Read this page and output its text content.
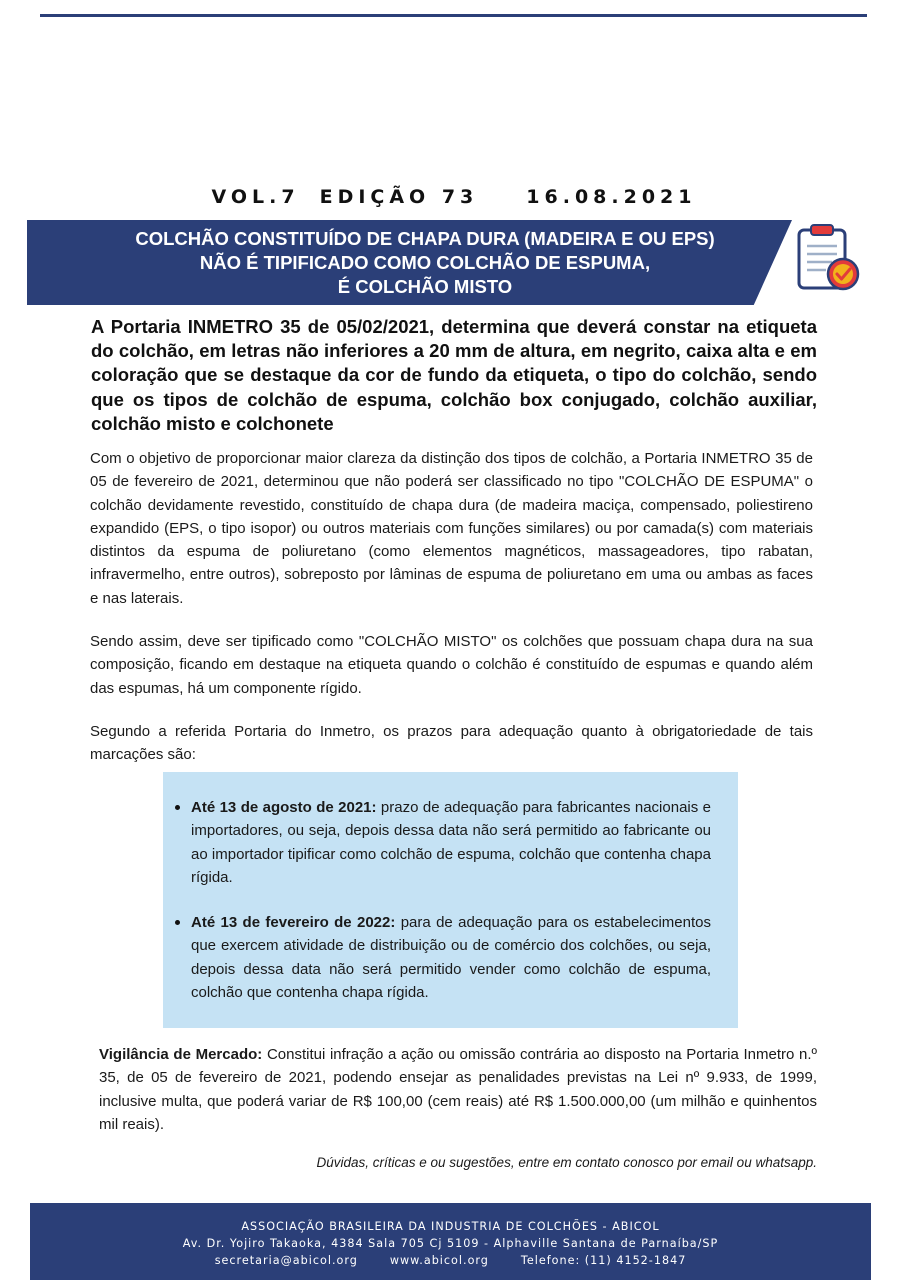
VOL.7 EDIÇÃO 73	16.08.2021
COLCHÃO CONSTITUÍDO DE CHAPA DURA (MADEIRA E OU EPS)
NÃO É TIPIFICADO COMO COLCHÃO DE ESPUMA,
É COLCHÃO MISTO
A Portaria INMETRO 35 de 05/02/2021, determina que deverá constar na etiqueta do colchão, em letras não inferiores a 20 mm de altura, em negrito, caixa alta e em coloração que se destaque da cor de fundo da etiqueta, o tipo do colchão, sendo que os tipos de colchão de espuma, colchão box conjugado, colchão auxiliar, colchão misto e colchonete
Com o objetivo de proporcionar maior clareza da distinção dos tipos de colchão, a Portaria INMETRO 35 de 05 de fevereiro de 2021, determinou que não poderá ser classificado no tipo "COLCHÃO DE ESPUMA" o colchão devidamente revestido, constituído de chapa dura (de madeira maciça, compensado, poliestireno expandido (EPS, o tipo isopor) ou outros materiais com funções similares) ou por camada(s) com materiais distintos da espuma de poliuretano (como elementos magnéticos, massageadores, tipo rabatan, infravermelho, entre outros), sobreposto por lâminas de espuma de poliuretano em uma ou ambas as faces e nas laterais.
Sendo assim, deve ser tipificado como "COLCHÃO MISTO" os colchões que possuam chapa dura na sua composição, ficando em destaque na etiqueta quando o colchão é constituído de espumas e quando além das espumas, há um componente rígido.
Segundo a referida Portaria do Inmetro, os prazos para adequação quanto à obrigatoriedade de tais marcações são:
Até 13 de agosto de 2021: prazo de adequação para fabricantes nacionais e importadores, ou seja, depois dessa data não será permitido ao fabricante ou ao importador tipificar como colchão de espuma, colchão que contenha chapa rígida.
Até 13 de fevereiro de 2022: para de adequação para os estabelecimentos que exercem atividade de distribuição ou de comércio dos colchões, ou seja, depois dessa data não será permitido vender como colchão de espuma, colchão que contenha chapa rígida.
Vigilância de Mercado: Constitui infração a ação ou omissão contrária ao disposto na Portaria Inmetro n.º 35, de 05 de fevereiro de 2021, podendo ensejar as penalidades previstas na Lei nº 9.933, de 1999, inclusive multa, que poderá variar de R$ 100,00 (cem reais) até R$ 1.500.000,00 (um milhão e quinhentos mil reais).
Dúvidas, críticas e ou sugestões, entre em contato conosco por email ou whatsapp.
ASSOCIAÇÃO BRASILEIRA DA INDUSTRIA DE COLCHÕES - ABICOL
Av. Dr. Yojiro Takaoka, 4384 Sala 705 Cj 5109 - Alphaville Santana de Parnaíba/SP
secretaria@abicol.org	www.abicol.org	Telefone: (11) 4152-1847
